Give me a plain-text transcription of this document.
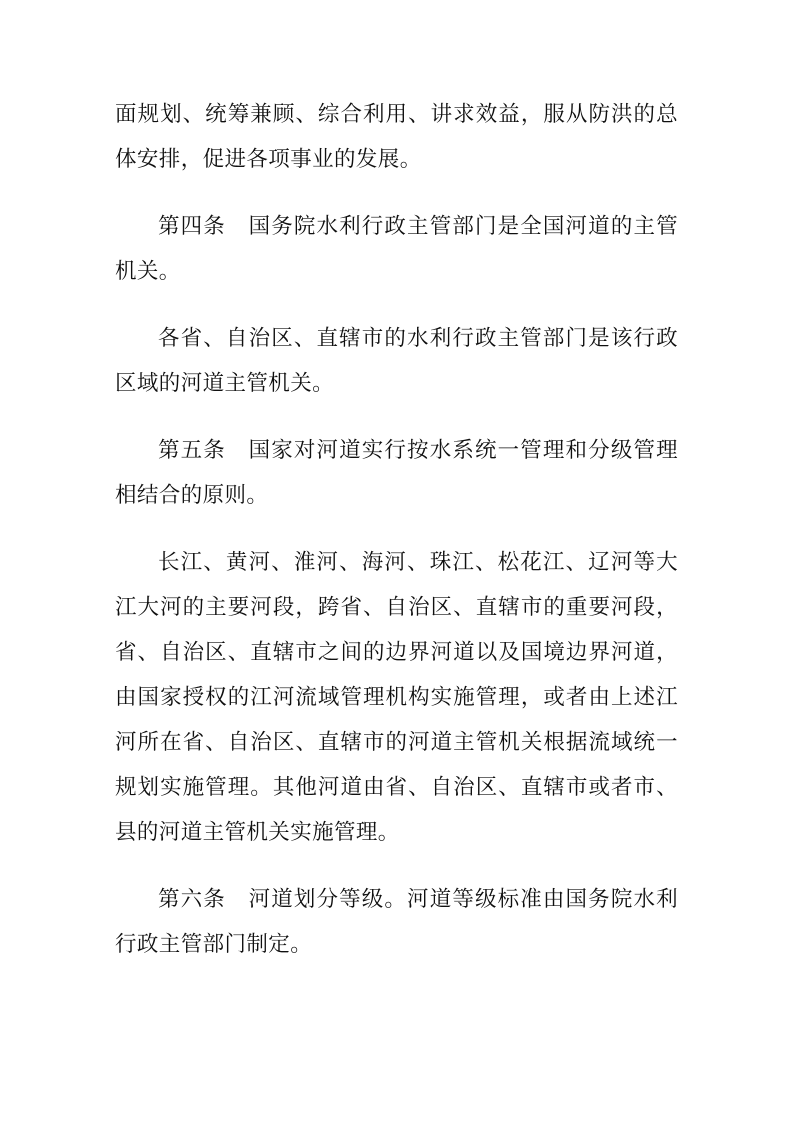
面规划、统筹兼顾、综合利用、讲求效益，服从防洪的总体安排，促进各项事业的发展。

第四条　国务院水利行政主管部门是全国河道的主管机关。

各省、自治区、直辖市的水利行政主管部门是该行政区域的河道主管机关。

第五条　国家对河道实行按水系统一管理和分级管理相结合的原则。

长江、黄河、淮河、海河、珠江、松花江、辽河等大江大河的主要河段，跨省、自治区、直辖市的重要河段，省、自治区、直辖市之间的边界河道以及国境边界河道，由国家授权的江河流域管理机构实施管理，或者由上述江河所在省、自治区、直辖市的河道主管机关根据流域统一规划实施管理。其他河道由省、自治区、直辖市或者市、县的河道主管机关实施管理。

第六条　河道划分等级。河道等级标准由国务院水利行政主管部门制定。
